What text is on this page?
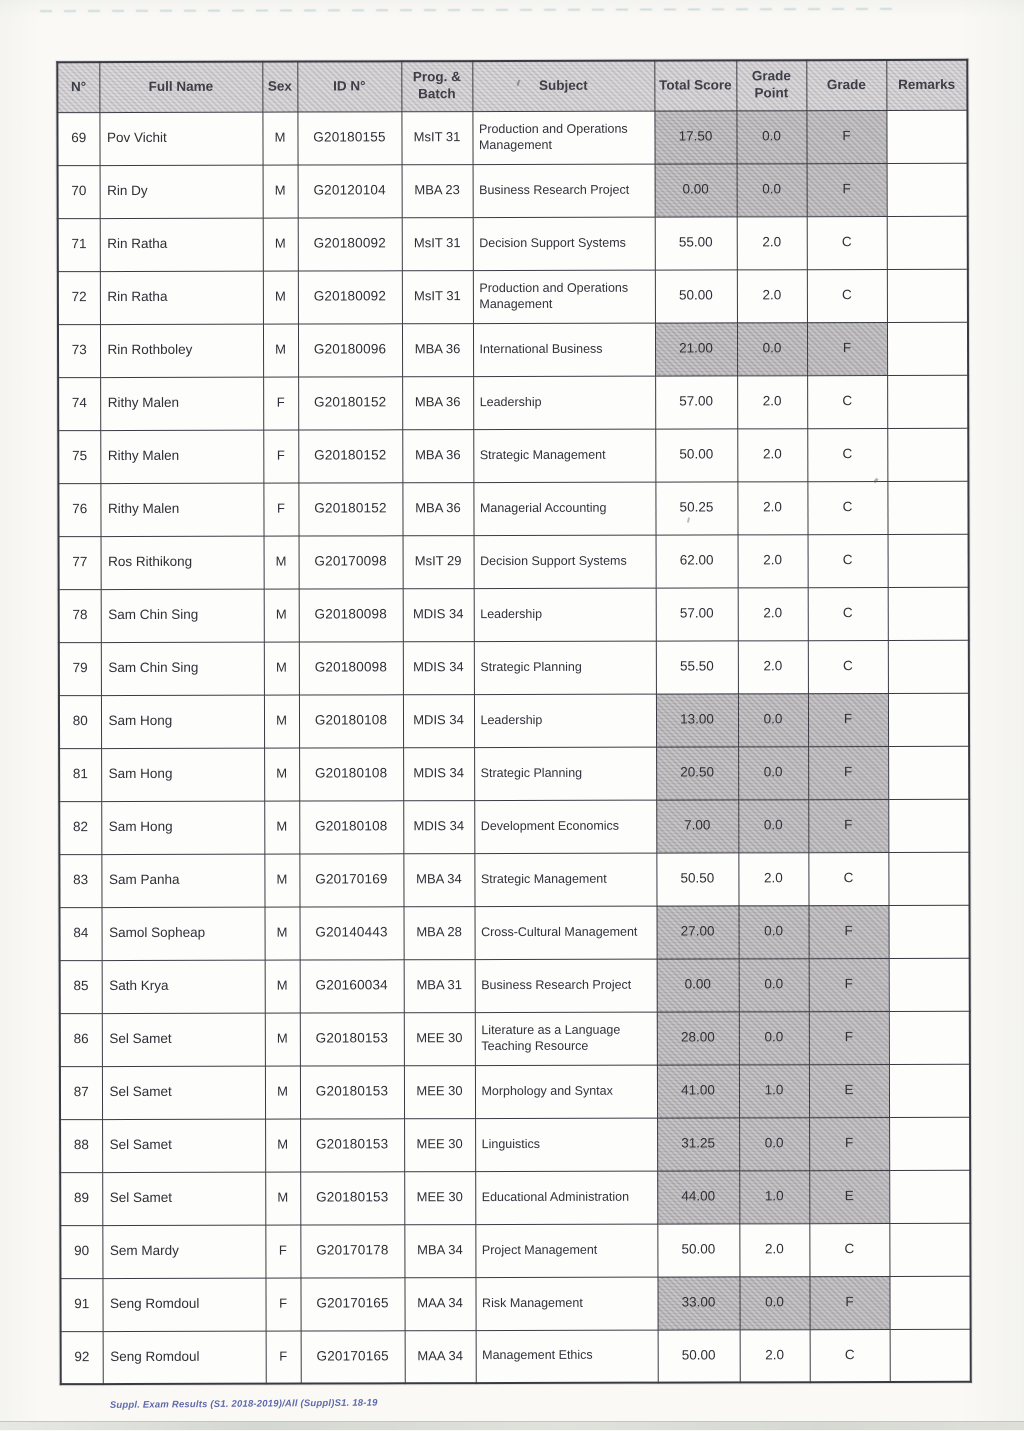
N°	Full Name	Sex	ID N°	Prog. & Batch	Subject	Total Score	Grade Point	Grade	Remarks
69	Pov Vichit	M	G20180155	MsIT 31	Production and Operations Management	17.50	0.0	F	
70	Rin Dy	M	G20120104	MBA 23	Business Research Project	0.00	0.0	F	
71	Rin Ratha	M	G20180092	MsIT 31	Decision Support Systems	55.00	2.0	C	
72	Rin Ratha	M	G20180092	MsIT 31	Production and Operations Management	50.00	2.0	C	
73	Rin Rothboley	M	G20180096	MBA 36	International Business	21.00	0.0	F	
74	Rithy Malen	F	G20180152	MBA 36	Leadership	57.00	2.0	C	
75	Rithy Malen	F	G20180152	MBA 36	Strategic Management	50.00	2.0	C	
76	Rithy Malen	F	G20180152	MBA 36	Managerial Accounting	50.25	2.0	C	
77	Ros Rithikong	M	G20170098	MsIT 29	Decision Support Systems	62.00	2.0	C	
78	Sam Chin Sing	M	G20180098	MDIS 34	Leadership	57.00	2.0	C	
79	Sam Chin Sing	M	G20180098	MDIS 34	Strategic Planning	55.50	2.0	C	
80	Sam Hong	M	G20180108	MDIS 34	Leadership	13.00	0.0	F	
81	Sam Hong	M	G20180108	MDIS 34	Strategic Planning	20.50	0.0	F	
82	Sam Hong	M	G20180108	MDIS 34	Development Economics	7.00	0.0	F	
83	Sam Panha	M	G20170169	MBA 34	Strategic Management	50.50	2.0	C	
84	Samol Sopheap	M	G20140443	MBA 28	Cross-Cultural Management	27.00	0.0	F	
85	Sath Krya	M	G20160034	MBA 31	Business Research Project	0.00	0.0	F	
86	Sel Samet	M	G20180153	MEE 30	Literature as a Language Teaching Resource	28.00	0.0	F	
87	Sel Samet	M	G20180153	MEE 30	Morphology and Syntax	41.00	1.0	E	
88	Sel Samet	M	G20180153	MEE 30	Linguistics	31.25	0.0	F	
89	Sel Samet	M	G20180153	MEE 30	Educational Administration	44.00	1.0	E	
90	Sem Mardy	F	G20170178	MBA 34	Project Management	50.00	2.0	C	
91	Seng Romdoul	F	G20170165	MAA 34	Risk Management	33.00	0.0	F	
92	Seng Romdoul	F	G20170165	MAA 34	Management Ethics	50.00	2.0	C	
Suppl. Exam Results (S1. 2018-2019)/All (Suppl)S1. 18-19
